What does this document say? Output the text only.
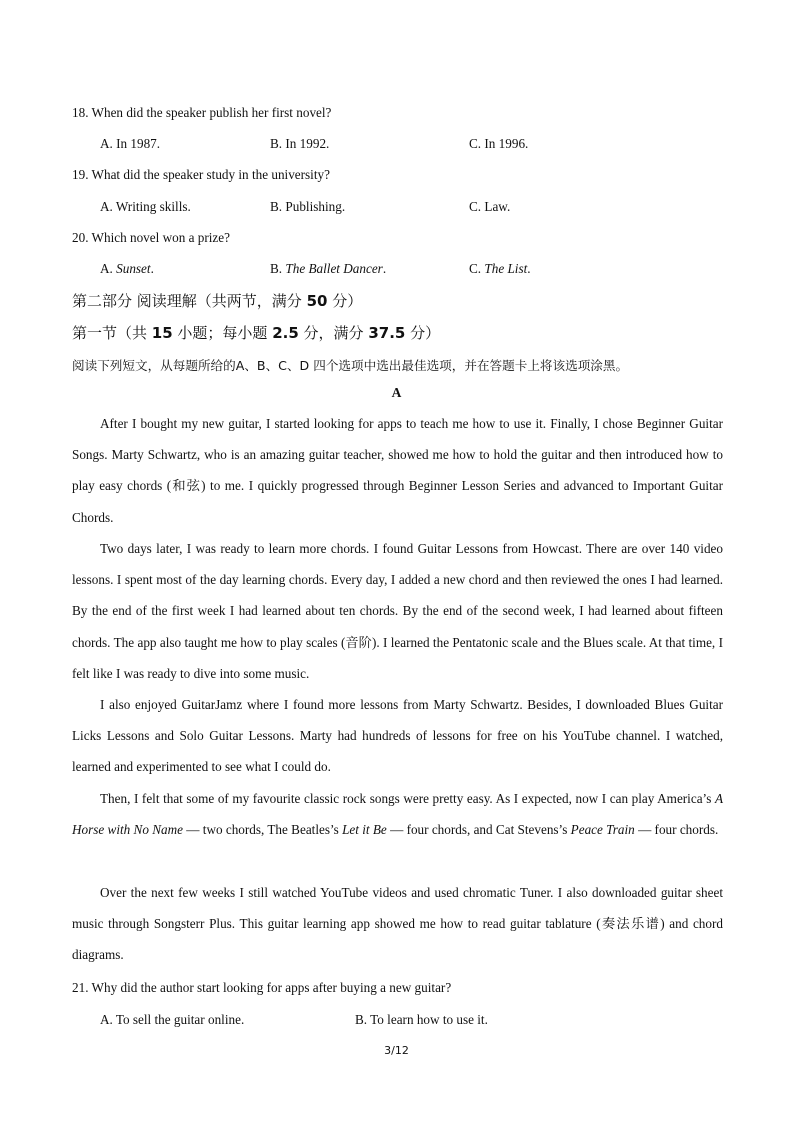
18. When did the speaker publish her first novel?
A. In 1987.	B. In 1992.	C. In 1996.
19. What did the speaker study in the university?
A. Writing skills.	B. Publishing.	C. Law.
20. Which novel won a prize?
A. Sunset.	B. The Ballet Dancer.	C. The List.
第二部分 阅读理解（共两节，满分 50 分）
第一节（共 15 小题；每小题 2.5 分，满分 37.5 分）
阅读下列短文，从每题所给的A、B、C、D 四个选项中选出最佳选项，并在答题卡上将该选项涂黑。
A
After I bought my new guitar, I started looking for apps to teach me how to use it. Finally, I chose Beginner Guitar Songs. Marty Schwartz, who is an amazing guitar teacher, showed me how to hold the guitar and then introduced how to play easy chords (和弦) to me. I quickly progressed through Beginner Lesson Series and advanced to Important Guitar Chords.
Two days later, I was ready to learn more chords. I found Guitar Lessons from Howcast. There are over 140 video lessons. I spent most of the day learning chords. Every day, I added a new chord and then reviewed the ones I had learned. By the end of the first week I had learned about ten chords. By the end of the second week, I had learned about fifteen chords. The app also taught me how to play scales (音阶). I learned the Pentatonic scale and the Blues scale. At that time, I felt like I was ready to dive into some music.
I also enjoyed GuitarJamz where I found more lessons from Marty Schwartz. Besides, I downloaded Blues Guitar Licks Lessons and Solo Guitar Lessons. Marty had hundreds of lessons for free on his YouTube channel. I watched, learned and experimented to see what I could do.
Then, I felt that some of my favourite classic rock songs were pretty easy. As I expected, now I can play America’s A Horse with No Name — two chords, The Beatles’s Let it Be — four chords, and Cat Stevens’s Peace Train — four chords.
Over the next few weeks I still watched YouTube videos and used chromatic Tuner. I also downloaded guitar sheet music through Songsterr Plus. This guitar learning app showed me how to read guitar tablature (奏法乐谱) and chord diagrams.
21. Why did the author start looking for apps after buying a new guitar?
A. To sell the guitar online.	B. To learn how to use it.
3/12
